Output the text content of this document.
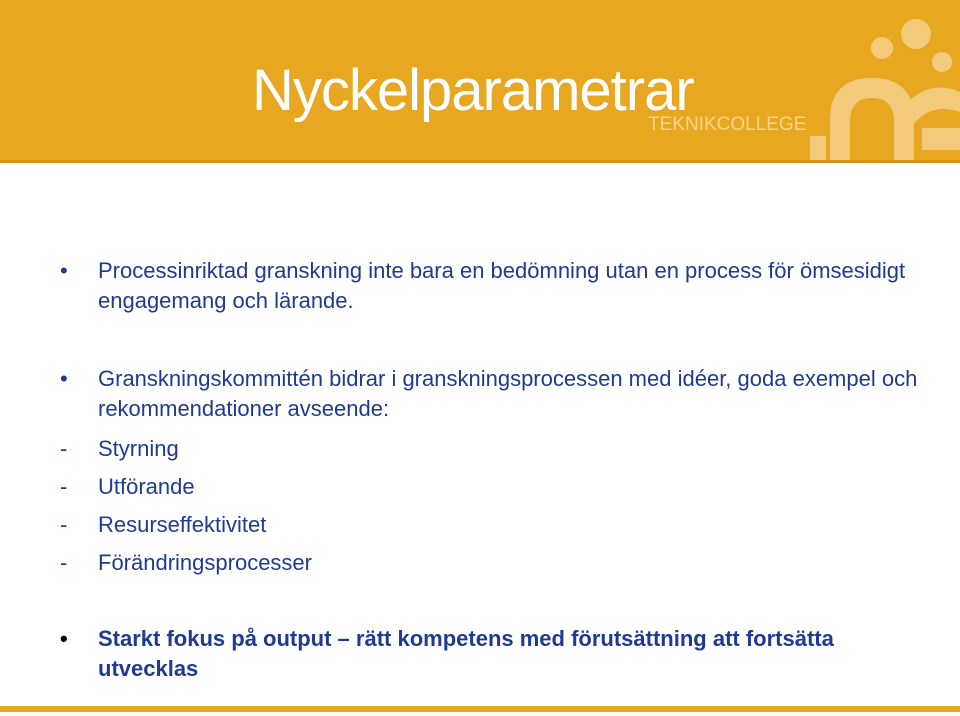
Nyckelparametrar
TEKNIKCOLLEGE
• Processinriktad granskning inte bara en bedömning utan en process för ömsesidigt engagemang och lärande.
• Granskningskommittén bidrar i granskningsprocessen med idéer, goda exempel och rekommendationer avseende:
- Styrning
- Utförande
- Resurseffektivitet
- Förändringsprocesser
• Starkt fokus på output – rätt kompetens med förutsättning att fortsätta utvecklas
